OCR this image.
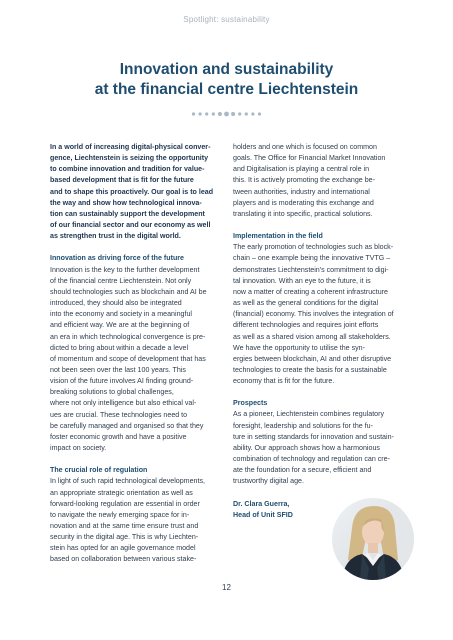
Spotlight: sustainability
Innovation and sustainability
at the financial centre Liechtenstein

In a world of increasing digital-physical conver-
gence, Liechtenstein is seizing the opportunity
to combine innovation and tradition for value-
based development that is fit for the future
and to shape this proactively. Our goal is to lead
the way and show how technological innova-
tion can sustainably support the development
of our financial sector and our economy as well
as strengthen trust in the digital world.

Innovation as driving force of the future
Innovation is the key to the further development
of the financial centre Liechtenstein. Not only
should technologies such as blockchain and AI be
introduced, they should also be integrated
into the economy and society in a meaningful
and efficient way. We are at the beginning of
an era in which technological convergence is pre-
dicted to bring about within a decade a level
of momentum and scope of development that has
not been seen over the last 100 years. This
vision of the future involves AI finding ground-
breaking solutions to global challenges,
where not only intelligence but also ethical val-
ues are crucial. These technologies need to
be carefully managed and organised so that they
foster economic growth and have a positive
impact on society.

The crucial role of regulation
In light of such rapid technological developments,
an appropriate strategic orientation as well as
forward-looking regulation are essential in order
to navigate the newly emerging space for in-
novation and at the same time ensure trust and
security in the digital age. This is why Liechten-
stein has opted for an agile governance model
based on collaboration between various stake-

holders and one which is focused on common
goals. The Office for Financial Market Innovation
and Digitalisation is playing a central role in
this. It is actively promoting the exchange be-
tween authorities, industry and international
players and is moderating this exchange and
translating it into specific, practical solutions.

Implementation in the field
The early promotion of technologies such as block-
chain – one example being the innovative TVTG –
demonstrates Liechtenstein's commitment to digi-
tal innovation. With an eye to the future, it is
now a matter of creating a coherent infrastructure
as well as the general conditions for the digital
(financial) economy. This involves the integration of
different technologies and requires joint efforts
as well as a shared vision among all stakeholders.
We have the opportunity to utilise the syn-
ergies between blockchain, AI and other disruptive
technologies to create the basis for a sustainable
economy that is fit for the future.

Prospects
As a pioneer, Liechtenstein combines regulatory
foresight, leadership and solutions for the fu-
ture in setting standards for innovation and sustain-
ability. Our approach shows how a harmonious
combination of technology and regulation can cre-
ate the foundation for a secure, efficient and
trustworthy digital age.

Dr. Clara Guerra,
Head of Unit SFID

12
